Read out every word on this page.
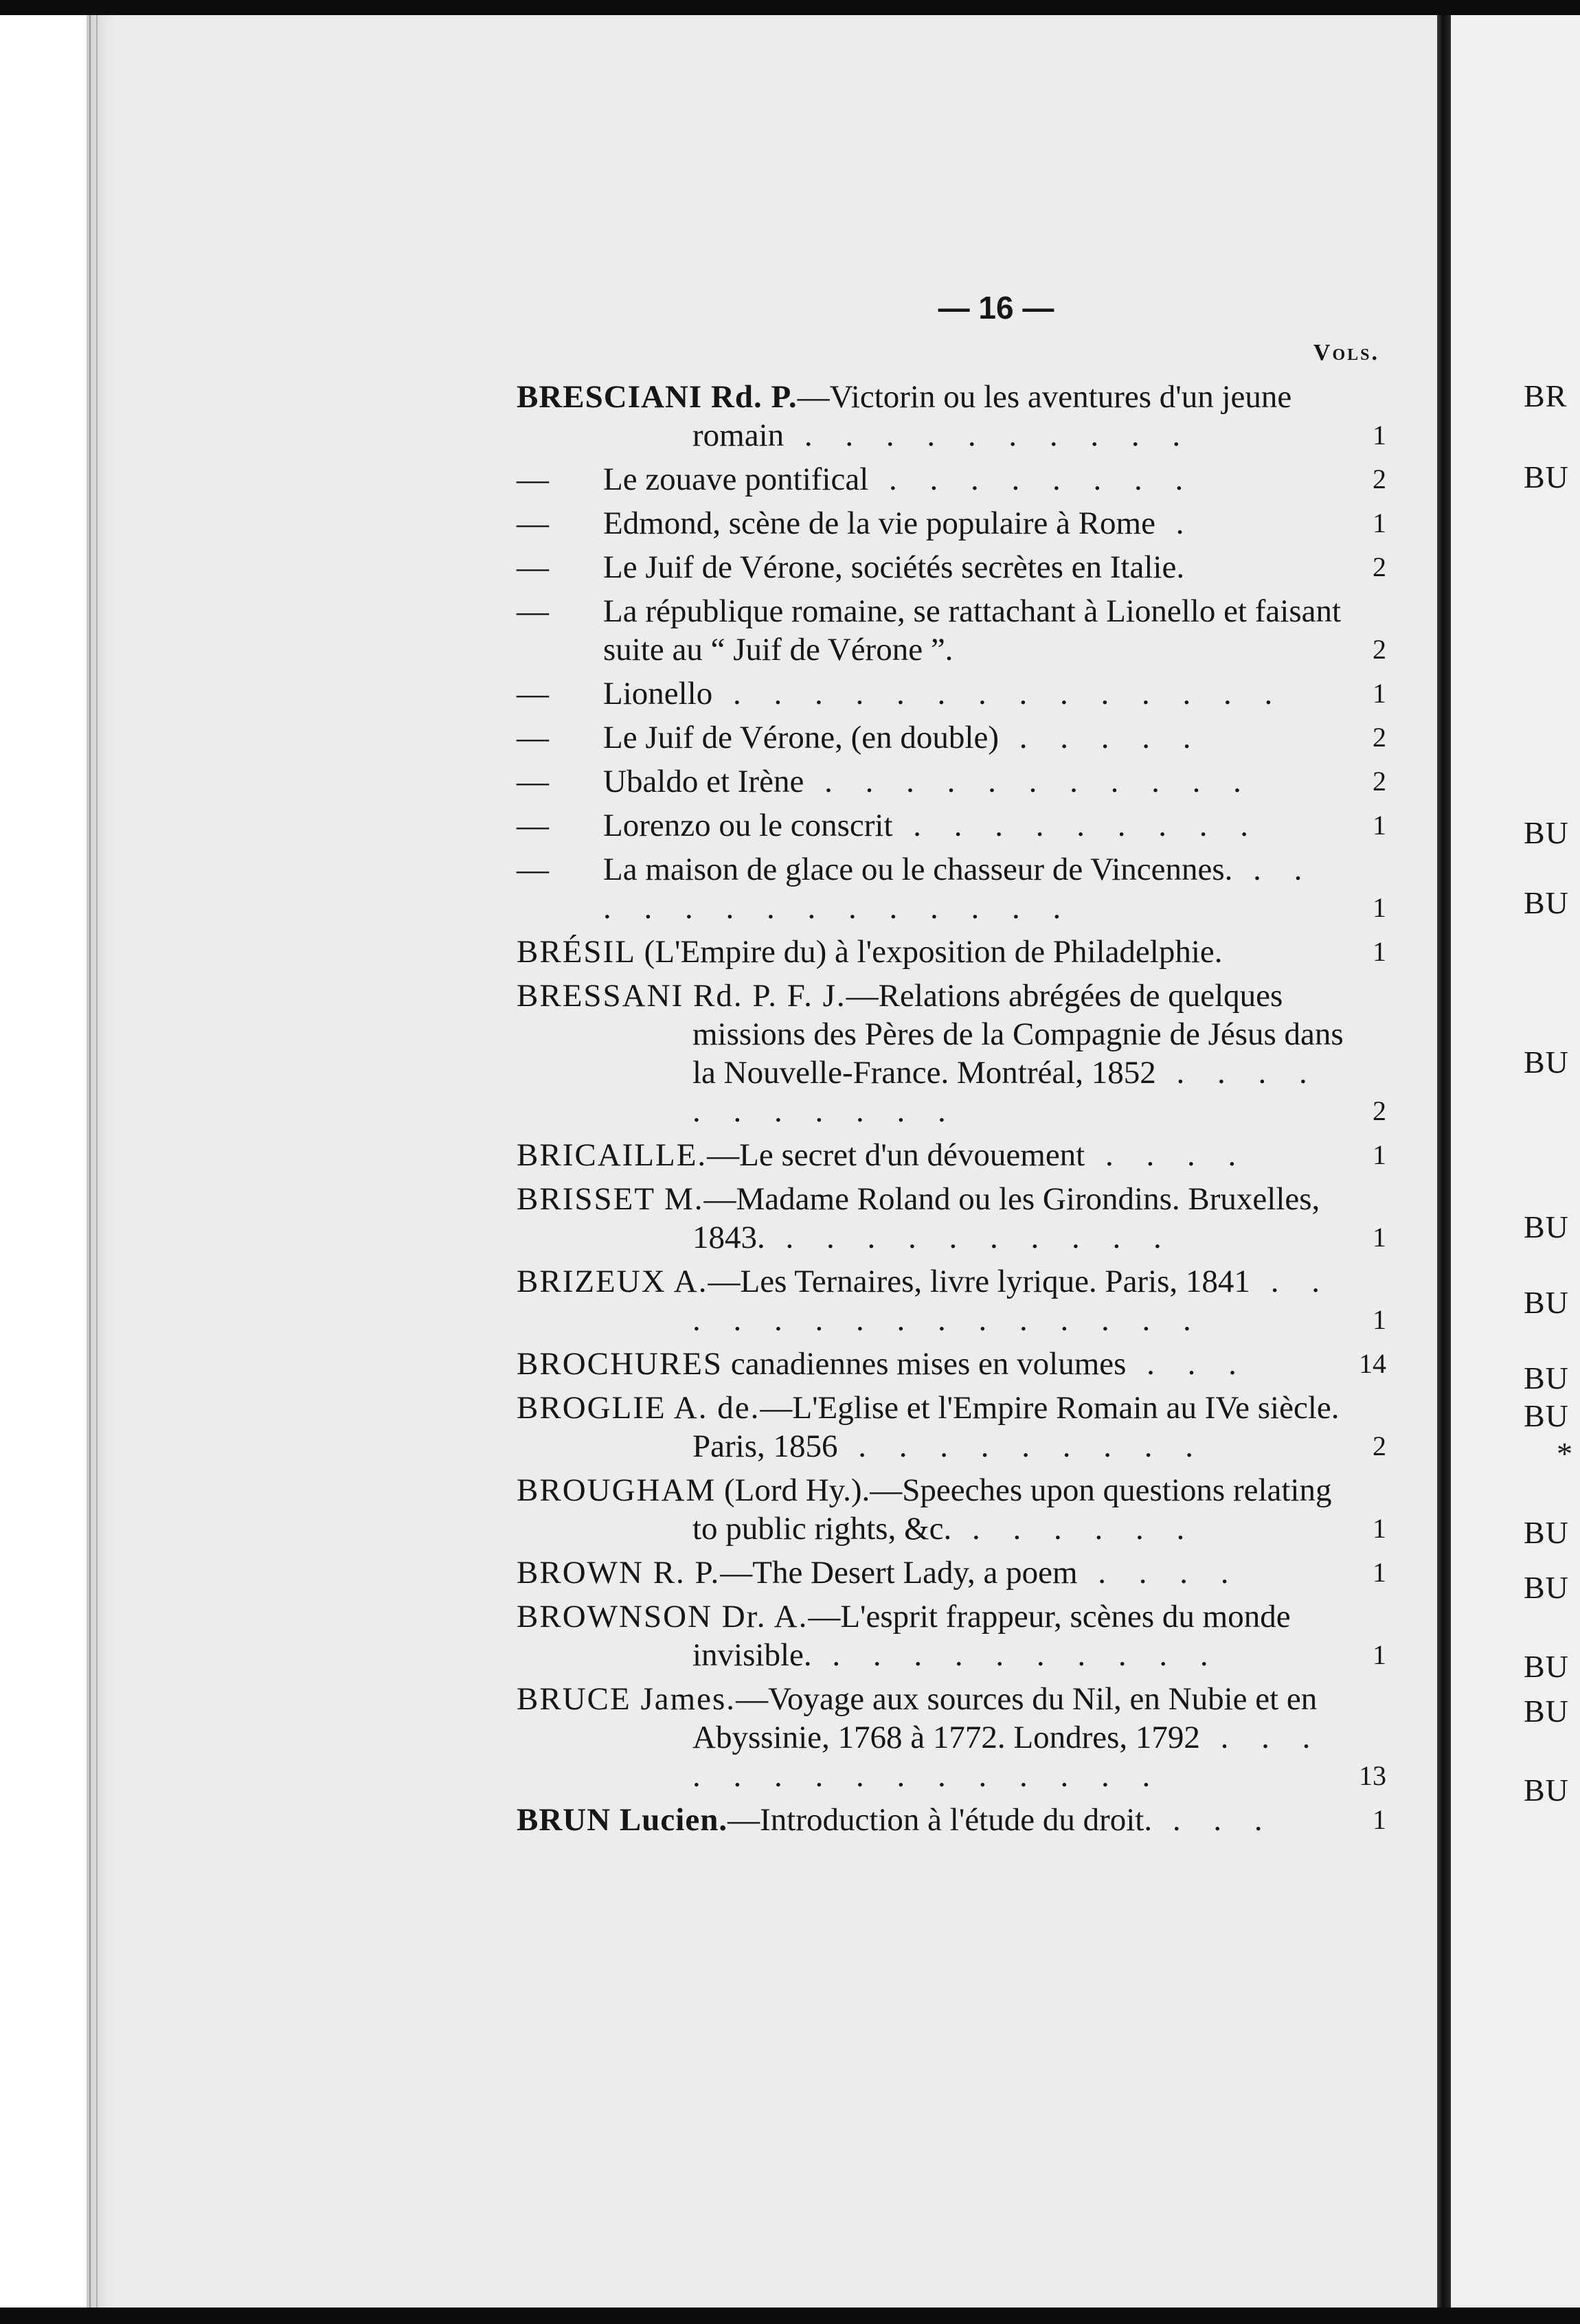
BR
BU
BU
BU
BU
BU
BU
BU
BU
*
BU
BU
BU
BU
BU
— 16 —
Vols.
BRESCIANI Rd. P.—Victorin ou les aventures d'un jeune romain . . . . . . . . . .	1
—	Le zouave pontifical . . . . . . . .	2
—	Edmond, scène de la vie populaire à Rome .	1
—	Le Juif de Vérone, sociétés secrètes en Italie.	2
—	La république romaine, se rattachant à Lionello et faisant suite au “ Juif de Vérone ”.	2
—	Lionello . . . . . . . . . . . . . .	1
—	Le Juif de Vérone, (en double) . . . . .	2
—	Ubaldo et Irène . . . . . . . . . . .	2
—	Lorenzo ou le conscrit . . . . . . . . .	1
—	La maison de glace ou le chasseur de Vincennes. . . . . . . . . . . . . . .	1
BRÉSIL (L'Empire du) à l'exposition de Philadelphie.	1
BRESSANI Rd. P. F. J.—Relations abrégées de quelques missions des Pères de la Compagnie de Jésus dans la Nouvelle-France. Montréal, 1852 . . . . . . . . . . .	2
BRICAILLE.—Le secret d'un dévouement . . . .	1
BRISSET M.—Madame Roland ou les Girondins. Bruxelles, 1843. . . . . . . . . . .	1
BRIZEUX A.—Les Ternaires, livre lyrique. Paris, 1841 . . . . . . . . . . . . . . .	1
BROCHURES canadiennes mises en volumes . . .	14
BROGLIE A. de.—L'Eglise et l'Empire Romain au IVe siècle. Paris, 1856 . . . . . . . . .	2
BROUGHAM (Lord Hy.).—Speeches upon questions relating to public rights, &c. . . . . . .	1
BROWN R. P.—The Desert Lady, a poem . . . .	1
BROWNSON Dr. A.—L'esprit frappeur, scènes du monde invisible. . . . . . . . . . .	1
BRUCE James.—Voyage aux sources du Nil, en Nubie et en Abyssinie, 1768 à 1772. Londres, 1792 . . . . . . . . . . . . . . .	13
BRUN Lucien.—Introduction à l'étude du droit. . . .	1
